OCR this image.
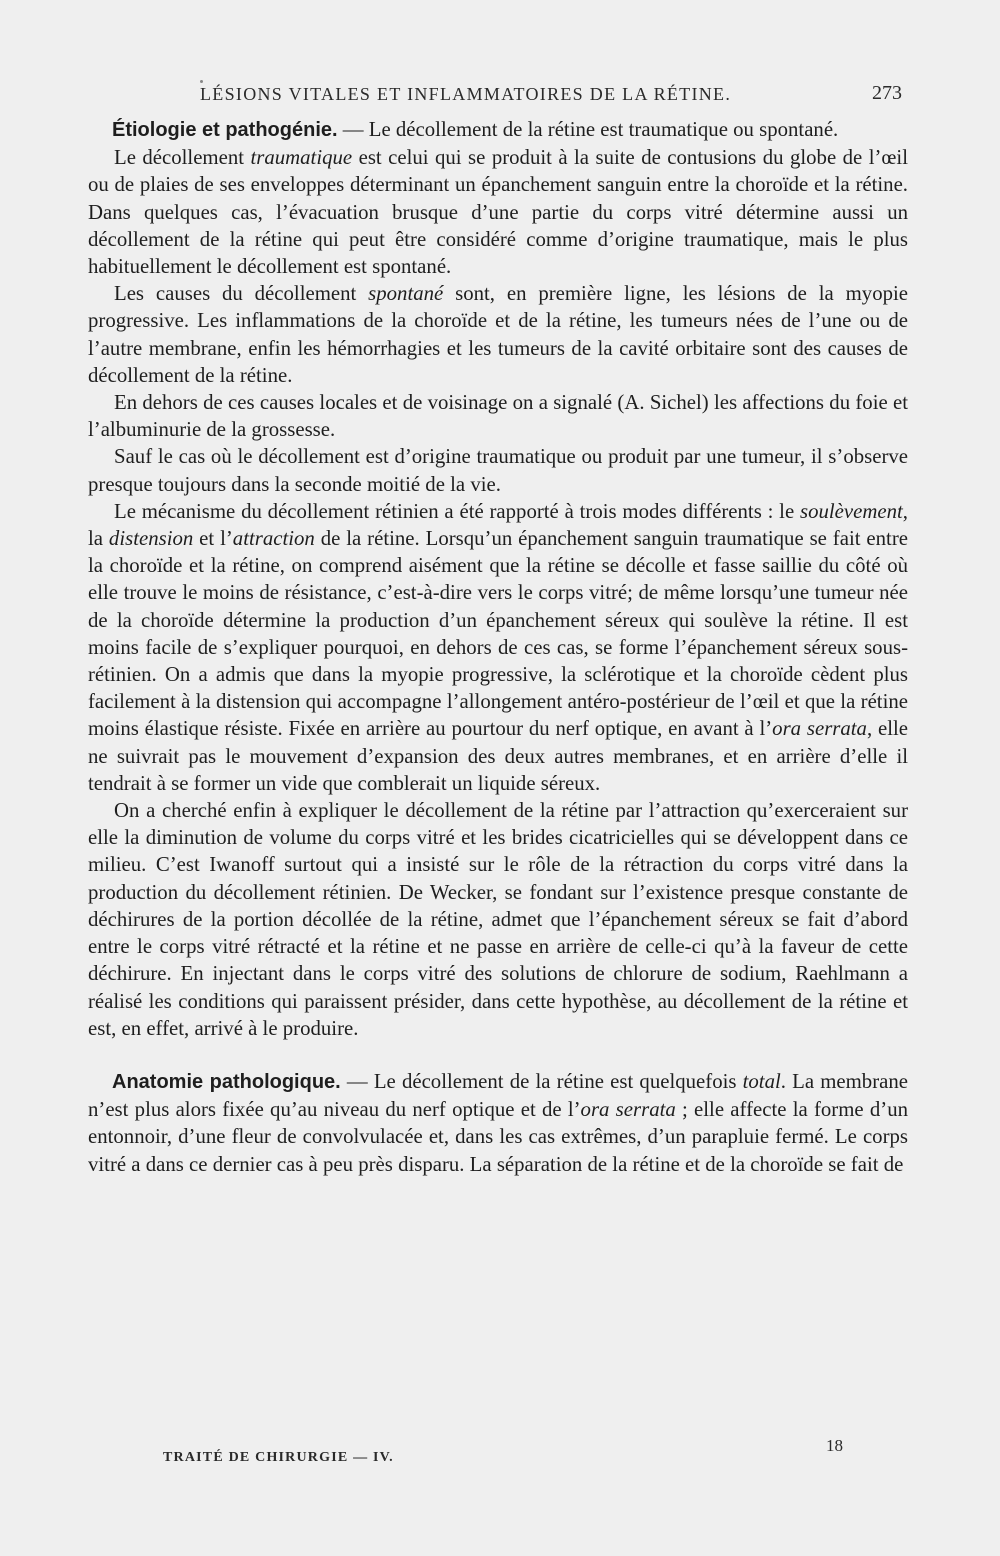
LÉSIONS VITALES ET INFLAMMATOIRES DE LA RÉTINE.	273

Étiologie et pathogénie. — Le décollement de la rétine est traumatique ou spontané.

Le décollement traumatique est celui qui se produit à la suite de contusions du globe de l’œil ou de plaies de ses enveloppes déterminant un épanchement sanguin entre la choroïde et la rétine. Dans quelques cas, l’évacuation brusque d’une partie du corps vitré détermine aussi un décollement de la rétine qui peut être considéré comme d’origine traumatique, mais le plus habituellement le décollement est spontané.

Les causes du décollement spontané sont, en première ligne, les lésions de la myopie progressive. Les inflammations de la choroïde et de la rétine, les tumeurs nées de l’une ou de l’autre membrane, enfin les hémorrhagies et les tumeurs de la cavité orbitaire sont des causes de décollement de la rétine.

En dehors de ces causes locales et de voisinage on a signalé (A. Sichel) les affections du foie et l’albuminurie de la grossesse.

Sauf le cas où le décollement est d’origine traumatique ou produit par une tumeur, il s’observe presque toujours dans la seconde moitié de la vie.

Le mécanisme du décollement rétinien a été rapporté à trois modes différents : le soulèvement, la distension et l’attraction de la rétine. Lorsqu’un épanchement sanguin traumatique se fait entre la choroïde et la rétine, on comprend aisément que la rétine se décolle et fasse saillie du côté où elle trouve le moins de résistance, c’est-à-dire vers le corps vitré; de même lorsqu’une tumeur née de la choroïde détermine la production d’un épanchement séreux qui soulève la rétine. Il est moins facile de s’expliquer pourquoi, en dehors de ces cas, se forme l’épanchement séreux sous-rétinien. On a admis que dans la myopie progressive, la sclérotique et la choroïde cèdent plus facilement à la distension qui accompagne l’allongement antéro-postérieur de l’œil et que la rétine moins élastique résiste. Fixée en arrière au pourtour du nerf optique, en avant à l’ora serrata, elle ne suivrait pas le mouvement d’expansion des deux autres membranes, et en arrière d’elle il tendrait à se former un vide que comblerait un liquide séreux.

On a cherché enfin à expliquer le décollement de la rétine par l’attraction qu’exerceraient sur elle la diminution de volume du corps vitré et les brides cicatricielles qui se développent dans ce milieu. C’est Iwanoff surtout qui a insisté sur le rôle de la rétraction du corps vitré dans la production du décollement rétinien. De Wecker, se fondant sur l’existence presque constante de déchirures de la portion décollée de la rétine, admet que l’épanchement séreux se fait d’abord entre le corps vitré rétracté et la rétine et ne passe en arrière de celle-ci qu’à la faveur de cette déchirure. En injectant dans le corps vitré des solutions de chlorure de sodium, Raehlmann a réalisé les conditions qui paraissent présider, dans cette hypothèse, au décollement de la rétine et est, en effet, arrivé à le produire.

Anatomie pathologique. — Le décollement de la rétine est quelquefois total. La membrane n’est plus alors fixée qu’au niveau du nerf optique et de l’ora serrata ; elle affecte la forme d’un entonnoir, d’une fleur de convolvulacée et, dans les cas extrêmes, d’un parapluie fermé. Le corps vitré a dans ce dernier cas à peu près disparu. La séparation de la rétine et de la choroïde se fait de

TRAITÉ DE CHIRURGIE — IV.
18
